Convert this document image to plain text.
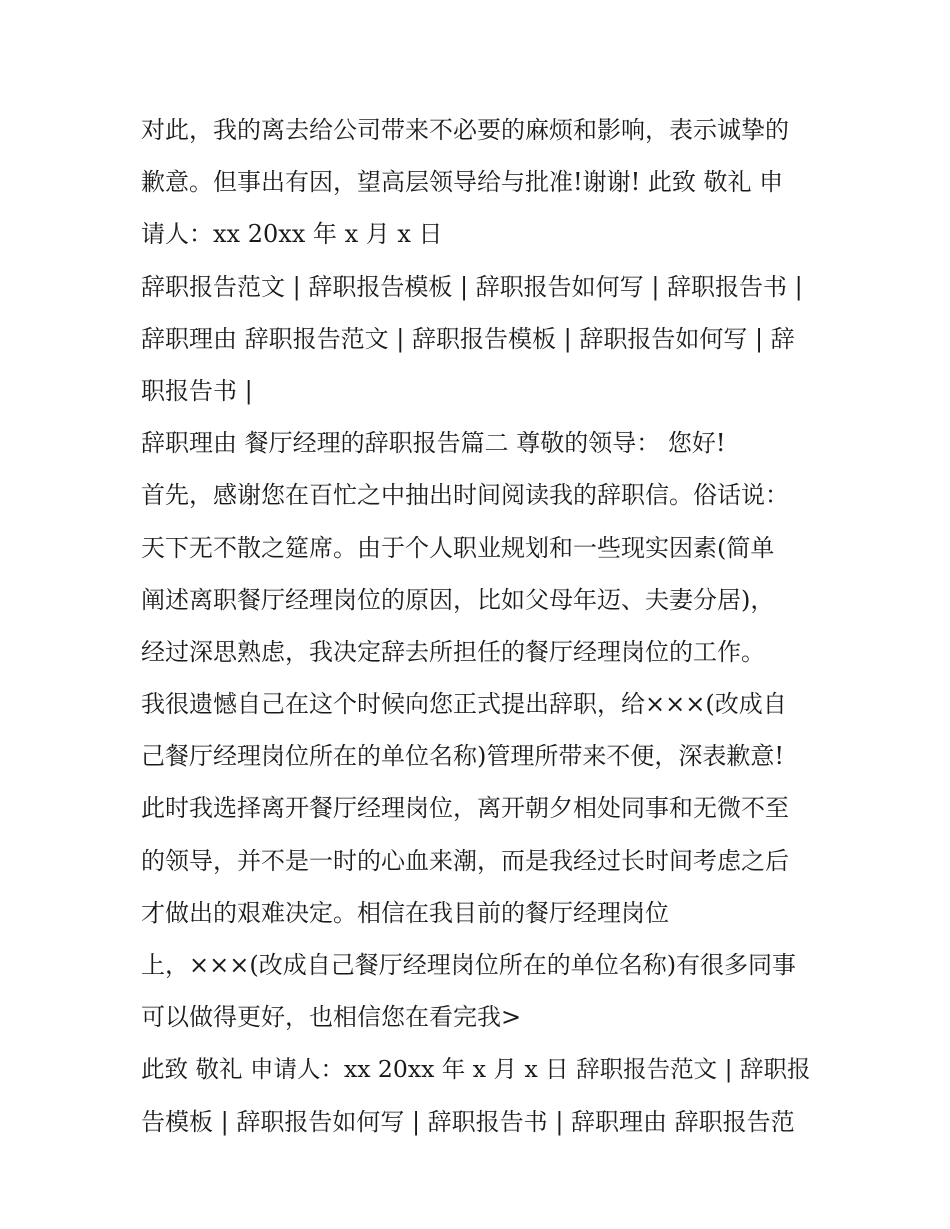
对此，我的离去给公司带来不必要的麻烦和影响，表示诚挚的
歉意。但事出有因，望高层领导给与批准!谢谢! 此致 敬礼 申
请人：xx 20xx 年 x 月 x 日
辞职报告范文 | 辞职报告模板 | 辞职报告如何写 | 辞职报告书 |
辞职理由 辞职报告范文 | 辞职报告模板 | 辞职报告如何写 | 辞
职报告书 |
辞职理由 餐厅经理的辞职报告篇二 尊敬的领导： 您好!
首先，感谢您在百忙之中抽出时间阅读我的辞职信。俗话说：
天下无不散之筵席。由于个人职业规划和一些现实因素(简单
阐述离职餐厅经理岗位的原因，比如父母年迈、夫妻分居)，
经过深思熟虑，我决定辞去所担任的餐厅经理岗位的工作。
我很遗憾自己在这个时候向您正式提出辞职，给×××(改成自
己餐厅经理岗位所在的单位名称)管理所带来不便，深表歉意!
此时我选择离开餐厅经理岗位，离开朝夕相处同事和无微不至
的领导，并不是一时的心血来潮，而是我经过长时间考虑之后
才做出的艰难决定。相信在我目前的餐厅经理岗位
上，×××(改成自己餐厅经理岗位所在的单位名称)有很多同事
可以做得更好，也相信您在看完我>
此致 敬礼 申请人：xx 20xx 年 x 月 x 日 辞职报告范文 | 辞职报
告模板 | 辞职报告如何写 | 辞职报告书 | 辞职理由 辞职报告范
